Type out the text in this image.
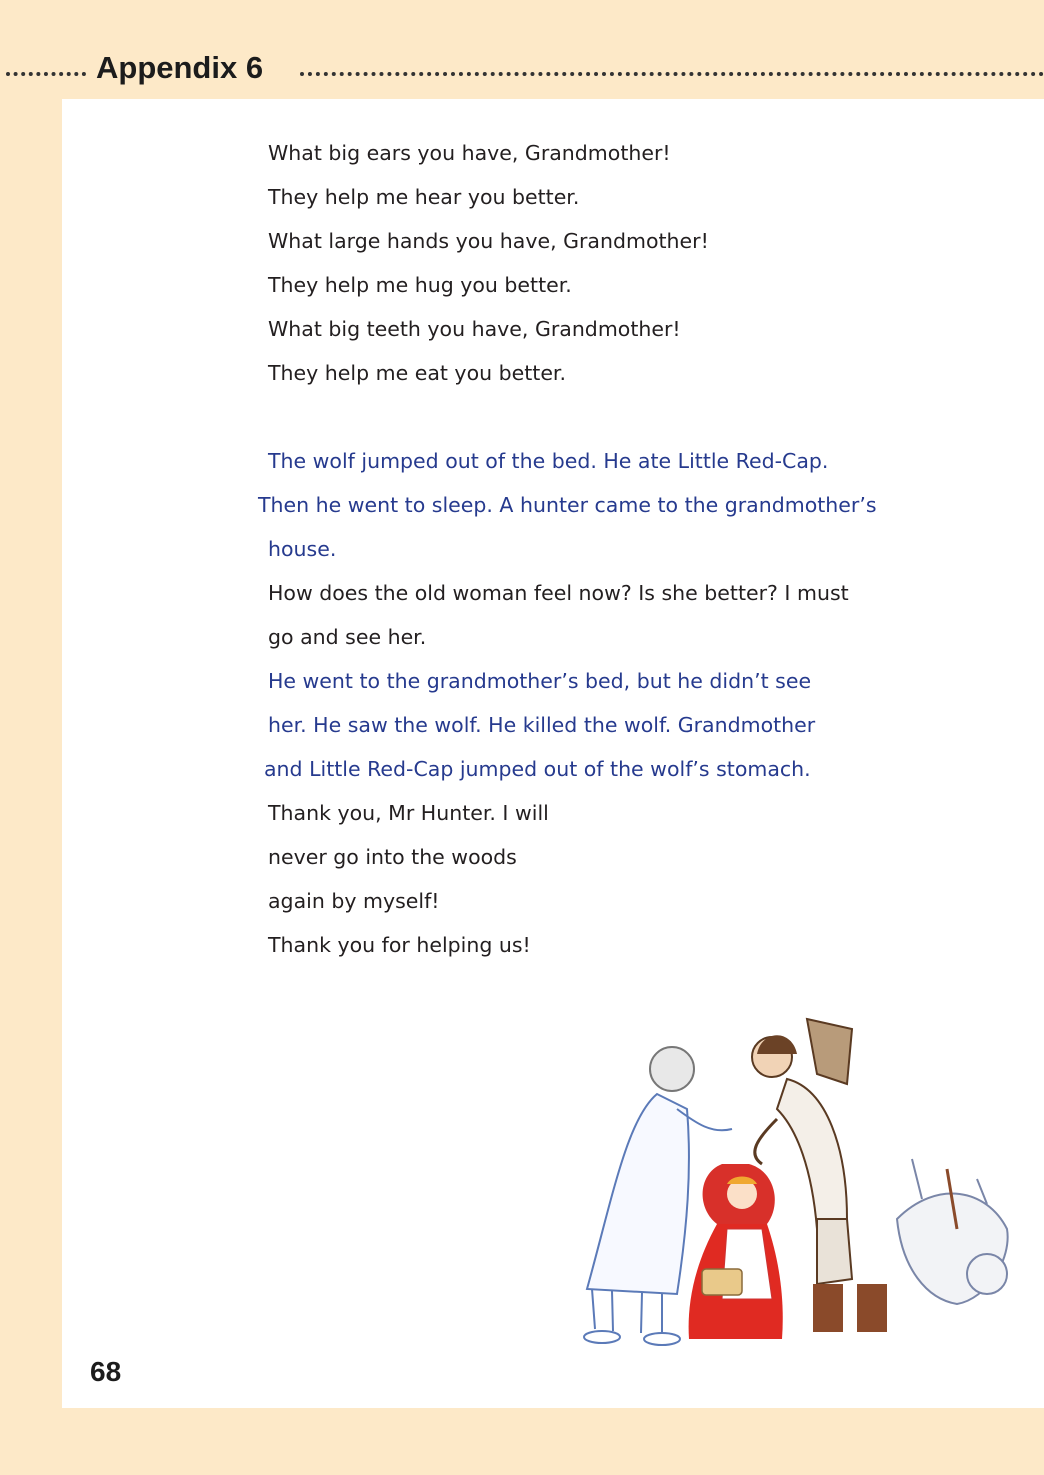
Appendix 6
What big ears you have, Grandmother!
They help me hear you better.
What large hands you have, Grandmother!
They help me hug you better.
What big teeth you have, Grandmother!
They help me eat you better.
The wolf jumped out of the bed. He ate Little Red-Cap.
Then he went to sleep. A hunter came to the grandmother’s
house.
How does the old woman feel now? Is she better? I must
go and see her.
He went to the grandmother’s bed, but he didn’t see
her. He saw the wolf. He killed the wolf. Grandmother
and Little Red-Cap jumped out of the wolf’s stomach.
Thank you, Mr Hunter. I will
never go into the woods
again by myself!
Thank you for helping us!
68
